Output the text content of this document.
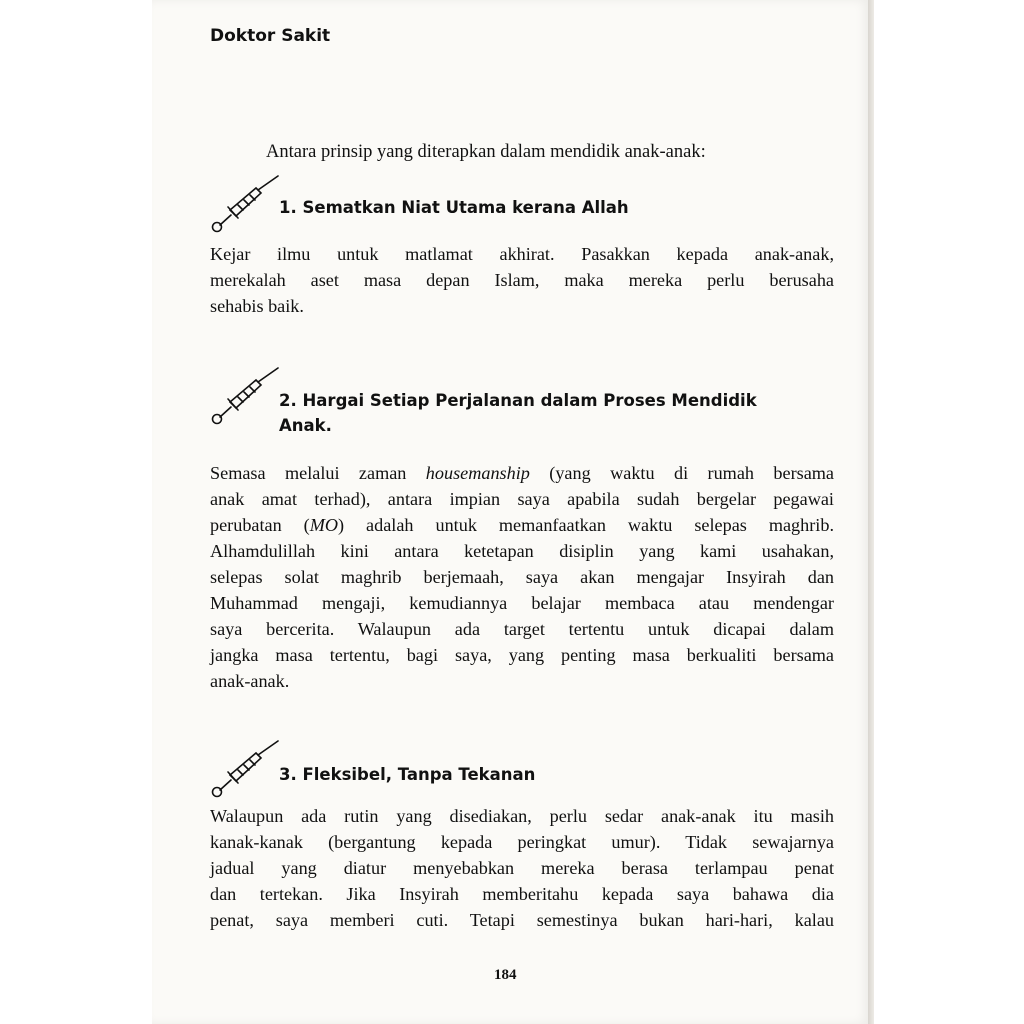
Doktor Sakit
Antara prinsip yang diterapkan dalam mendidik anak-anak:
1. Sematkan Niat Utama kerana Allah

Kejar ilmu untuk matlamat akhirat. Pasakkan kepada anak-anak,

merekalah aset masa depan Islam, maka mereka perlu berusaha

sehabis baik.

2. Hargai Setiap Perjalanan dalam Proses Mendidik
Anak.

Semasa melalui zaman housemanship (yang waktu di rumah bersama

anak amat terhad), antara impian saya apabila sudah bergelar pegawai

perubatan (MO) adalah untuk memanfaatkan waktu selepas maghrib.

Alhamdulillah kini antara ketetapan disiplin yang kami usahakan,

selepas solat maghrib berjemaah, saya akan mengajar Insyirah dan

Muhammad mengaji, kemudiannya belajar membaca atau mendengar

saya bercerita. Walaupun ada target tertentu untuk dicapai dalam

jangka masa tertentu, bagi saya, yang penting masa berkualiti bersama

anak-anak.

3. Fleksibel, Tanpa Tekanan

Walaupun ada rutin yang disediakan, perlu sedar anak-anak itu masih

kanak-kanak (bergantung kepada peringkat umur). Tidak sewajarnya

jadual yang diatur menyebabkan mereka berasa terlampau penat

dan tertekan. Jika Insyirah memberitahu kepada saya bahawa dia

penat, saya memberi cuti. Tetapi semestinya bukan hari-hari, kalau

184
